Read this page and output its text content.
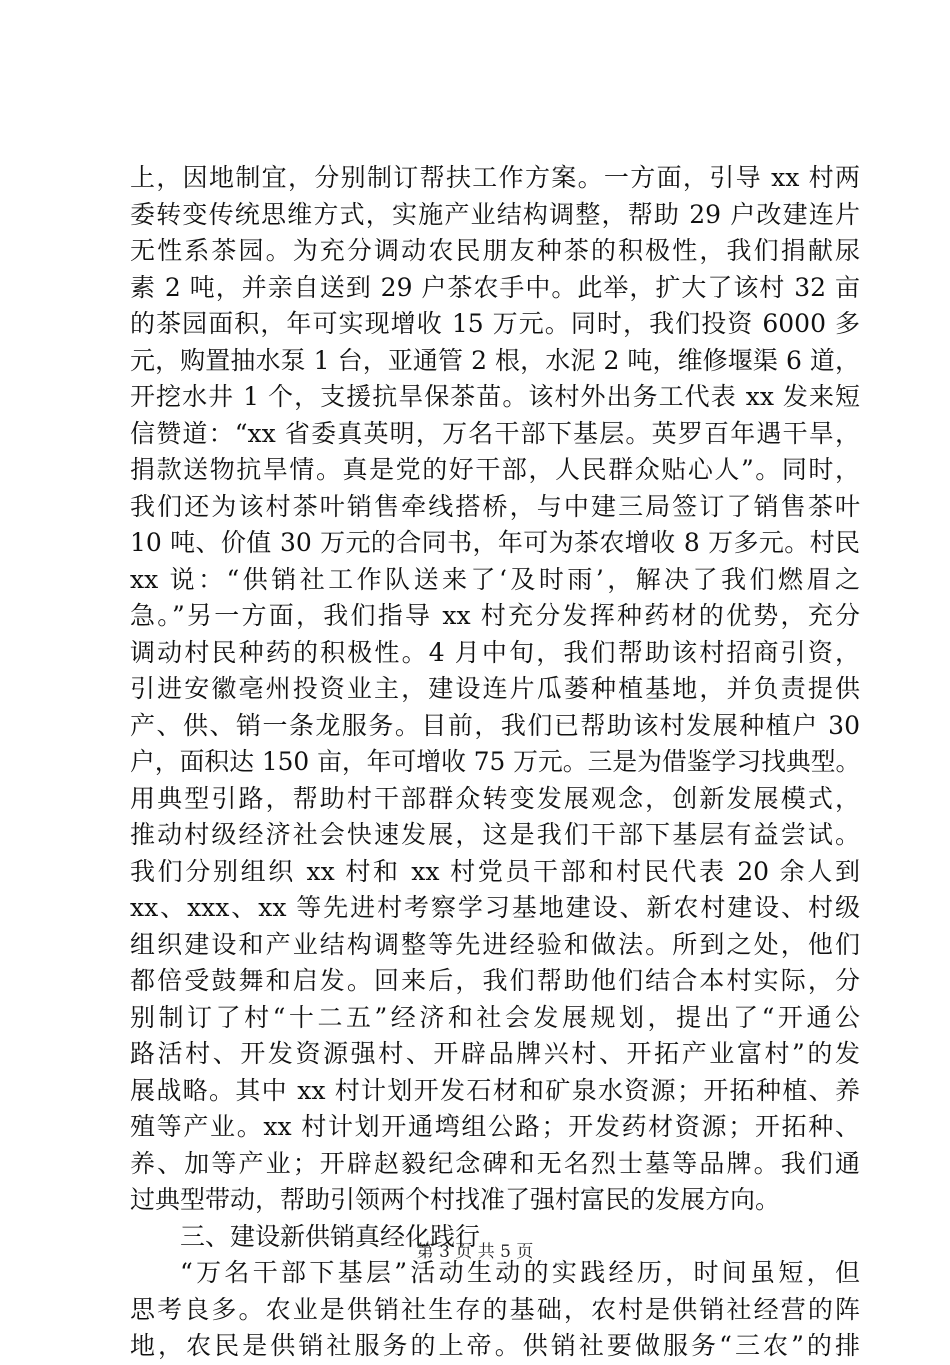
上，因地制宜，分别制订帮扶工作方案。一方面，引导 xx 村两
委转变传统思维方式，实施产业结构调整，帮助 29 户改建连片
无性系茶园。为充分调动农民朋友种茶的积极性，我们捐献尿
素 2 吨，并亲自送到 29 户茶农手中。此举，扩大了该村 32 亩
的茶园面积，年可实现增收 15 万元。同时，我们投资 6000 多
元，购置抽水泵 1 台，亚通管 2 根，水泥 2 吨，维修堰渠 6 道，
开挖水井 1 个，支援抗旱保茶苗。该村外出务工代表 xx 发来短
信赞道：“xx 省委真英明，万名干部下基层。英罗百年遇干旱，
捐款送物抗旱情。真是党的好干部，人民群众贴心人”。同时，
我们还为该村茶叶销售牵线搭桥，与中建三局签订了销售茶叶
10 吨、价值 30 万元的合同书，年可为茶农增收 8 万多元。村民
xx 说：“供销社工作队送来了‘及时雨’，解决了我们燃眉之
急。”另一方面，我们指导 xx 村充分发挥种药材的优势，充分
调动村民种药的积极性。4 月中旬，我们帮助该村招商引资，
引进安徽亳州投资业主，建设连片瓜蒌种植基地，并负责提供
产、供、销一条龙服务。目前，我们已帮助该村发展种植户 30
户，面积达 150 亩，年可增收 75 万元。三是为借鉴学习找典型。
用典型引路，帮助村干部群众转变发展观念，创新发展模式，
推动村级经济社会快速发展，这是我们干部下基层有益尝试。
我们分别组织 xx 村和 xx 村党员干部和村民代表 20 余人到
xx、xxx、xx 等先进村考察学习基地建设、新农村建设、村级
组织建设和产业结构调整等先进经验和做法。所到之处，他们
都倍受鼓舞和启发。回来后，我们帮助他们结合本村实际，分
别制订了村“十二五”经济和社会发展规划，提出了“开通公
路活村、开发资源强村、开辟品牌兴村、开拓产业富村”的发
展战略。其中 xx 村计划开发石材和矿泉水资源；开拓种植、养
殖等产业。xx 村计划开通塆组公路；开发药材资源；开拓种、
养、加等产业；开辟赵毅纪念碑和无名烈士墓等品牌。我们通
过典型带动，帮助引领两个村找准了强村富民的发展方向。
三、建设新供销真经化践行
“万名干部下基层”活动生动的实践经历，时间虽短，但
思考良多。农业是供销社生存的基础，农村是供销社经营的阵
地，农民是供销社服务的上帝。供销社要做服务“三农”的排
第 3 页 共 5 页
